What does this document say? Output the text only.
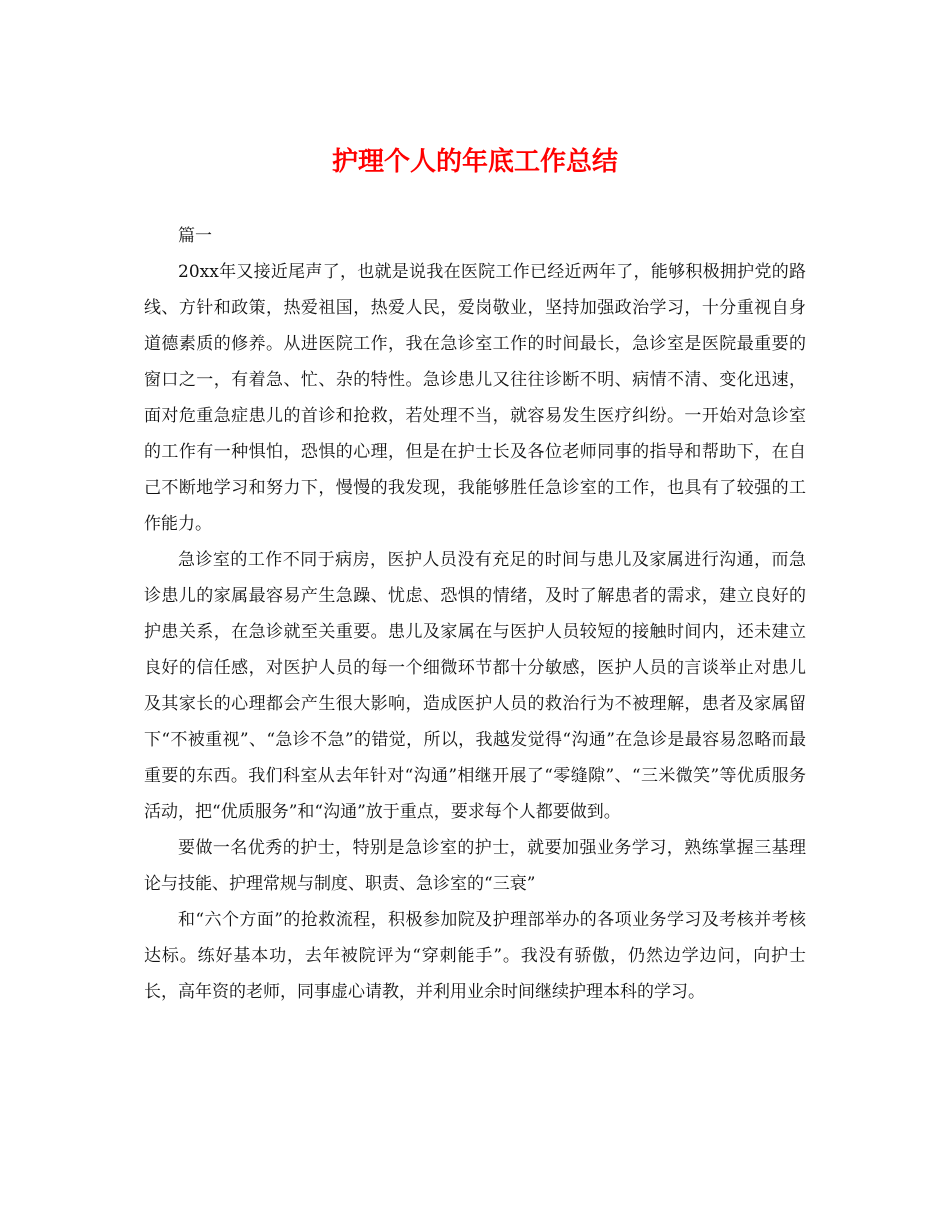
护理个人的年底工作总结

篇一

20xx年又接近尾声了，也就是说我在医院工作已经近两年了，能够积极拥护党的路线、方针和政策，热爱祖国，热爱人民，爱岗敬业，坚持加强政治学习，十分重视自身道德素质的修养。从进医院工作，我在急诊室工作的时间最长，急诊室是医院最重要的窗口之一，有着急、忙、杂的特性。急诊患儿又往往诊断不明、病情不清、变化迅速，面对危重急症患儿的首诊和抢救，若处理不当，就容易发生医疗纠纷。一开始对急诊室的工作有一种惧怕，恐惧的心理，但是在护士长及各位老师同事的指导和帮助下，在自己不断地学习和努力下，慢慢的我发现，我能够胜任急诊室的工作，也具有了较强的工作能力。

急诊室的工作不同于病房，医护人员没有充足的时间与患儿及家属进行沟通，而急诊患儿的家属最容易产生急躁、忧虑、恐惧的情绪，及时了解患者的需求，建立良好的护患关系，在急诊就至关重要。患儿及家属在与医护人员较短的接触时间内，还未建立良好的信任感，对医护人员的每一个细微环节都十分敏感，医护人员的言谈举止对患儿及其家长的心理都会产生很大影响，造成医护人员的救治行为不被理解，患者及家属留下“不被重视”、“急诊不急”的错觉，所以，我越发觉得“沟通”在急诊是最容易忽略而最重要的东西。我们科室从去年针对“沟通”相继开展了“零缝隙”、“三米微笑”等优质服务活动，把“优质服务”和“沟通”放于重点，要求每个人都要做到。

要做一名优秀的护士，特别是急诊室的护士，就要加强业务学习，熟练掌握三基理论与技能、护理常规与制度、职责、急诊室的“三衰”

和“六个方面”的抢救流程，积极参加院及护理部举办的各项业务学习及考核并考核达标。练好基本功，去年被院评为“穿刺能手”。我没有骄傲，仍然边学边问，向护士长，高年资的老师，同事虚心请教，并利用业余时间继续护理本科的学习。
